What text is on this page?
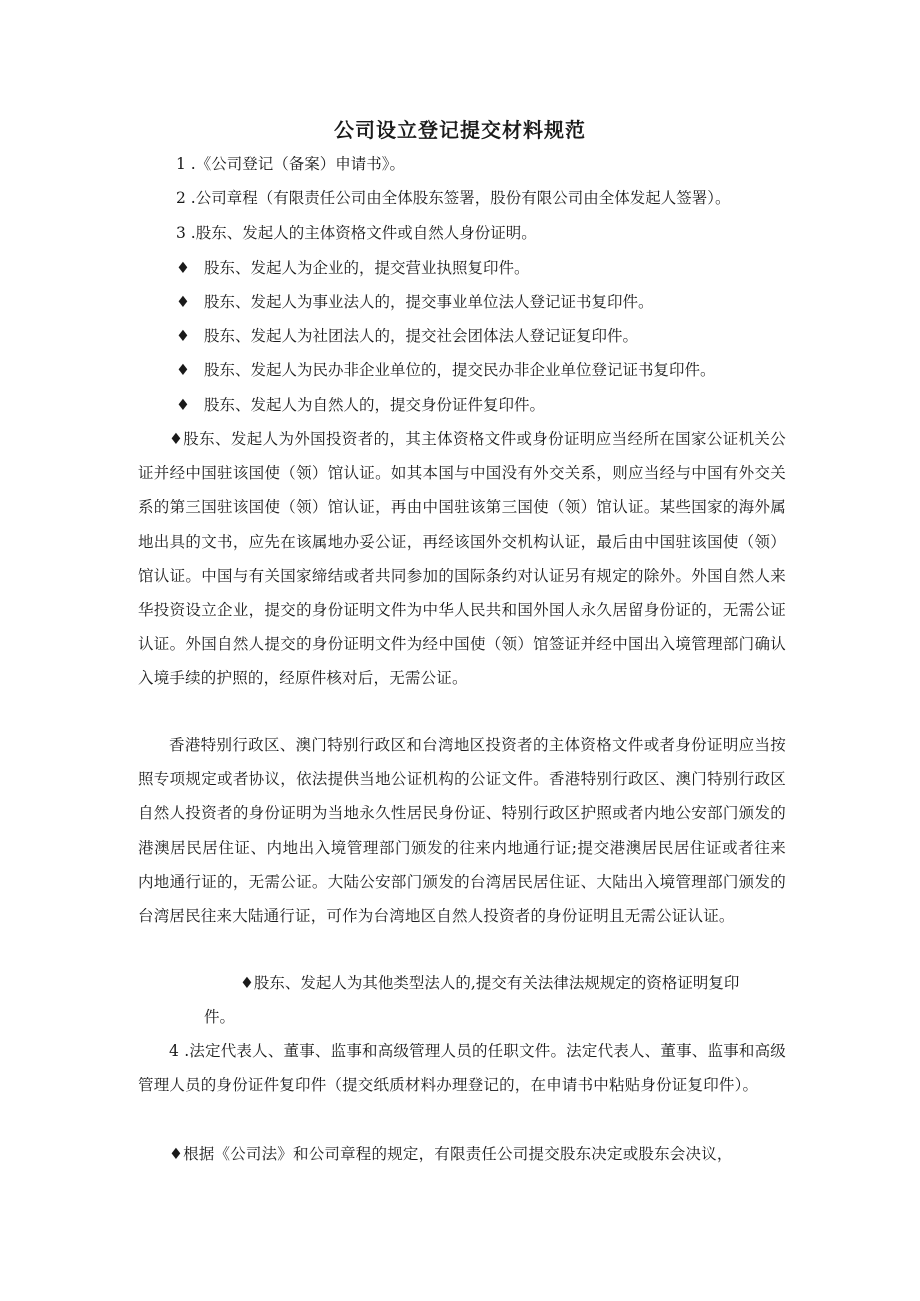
公司设立登记提交材料规范
1 .《公司登记（备案）申请书》。
2 .公司章程（有限责任公司由全体股东签署，股份有限公司由全体发起人签署）。
3 .股东、发起人的主体资格文件或自然人身份证明。
♦ 股东、发起人为企业的，提交营业执照复印件。
♦ 股东、发起人为事业法人的，提交事业单位法人登记证书复印件。
♦ 股东、发起人为社团法人的，提交社会团体法人登记证复印件。
♦ 股东、发起人为民办非企业单位的，提交民办非企业单位登记证书复印件。
♦ 股东、发起人为自然人的，提交身份证件复印件。
♦股东、发起人为外国投资者的，其主体资格文件或身份证明应当经所在国家公证机关公证并经中国驻该国使（领）馆认证。如其本国与中国没有外交关系，则应当经与中国有外交关系的第三国驻该国使（领）馆认证，再由中国驻该第三国使（领）馆认证。某些国家的海外属地出具的文书，应先在该属地办妥公证，再经该国外交机构认证，最后由中国驻该国使（领）馆认证。中国与有关国家缔结或者共同参加的国际条约对认证另有规定的除外。外国自然人来华投资设立企业，提交的身份证明文件为中华人民共和国外国人永久居留身份证的，无需公证认证。外国自然人提交的身份证明文件为经中国使（领）馆签证并经中国出入境管理部门确认入境手续的护照的，经原件核对后，无需公证。
香港特别行政区、澳门特别行政区和台湾地区投资者的主体资格文件或者身份证明应当按照专项规定或者协议，依法提供当地公证机构的公证文件。香港特别行政区、澳门特别行政区自然人投资者的身份证明为当地永久性居民身份证、特别行政区护照或者内地公安部门颁发的港澳居民居住证、内地出入境管理部门颁发的往来内地通行证;提交港澳居民居住证或者往来内地通行证的，无需公证。大陆公安部门颁发的台湾居民居住证、大陆出入境管理部门颁发的台湾居民往来大陆通行证，可作为台湾地区自然人投资者的身份证明且无需公证认证。
♦股东、发起人为其他类型法人的,提交有关法律法规规定的资格证明复印
件。
4 .法定代表人、董事、监事和高级管理人员的任职文件。法定代表人、董事、监事和高级管理人员的身份证件复印件（提交纸质材料办理登记的，在申请书中粘贴身份证复印件）。
♦根据《公司法》和公司章程的规定，有限责任公司提交股东决定或股东会决议，
